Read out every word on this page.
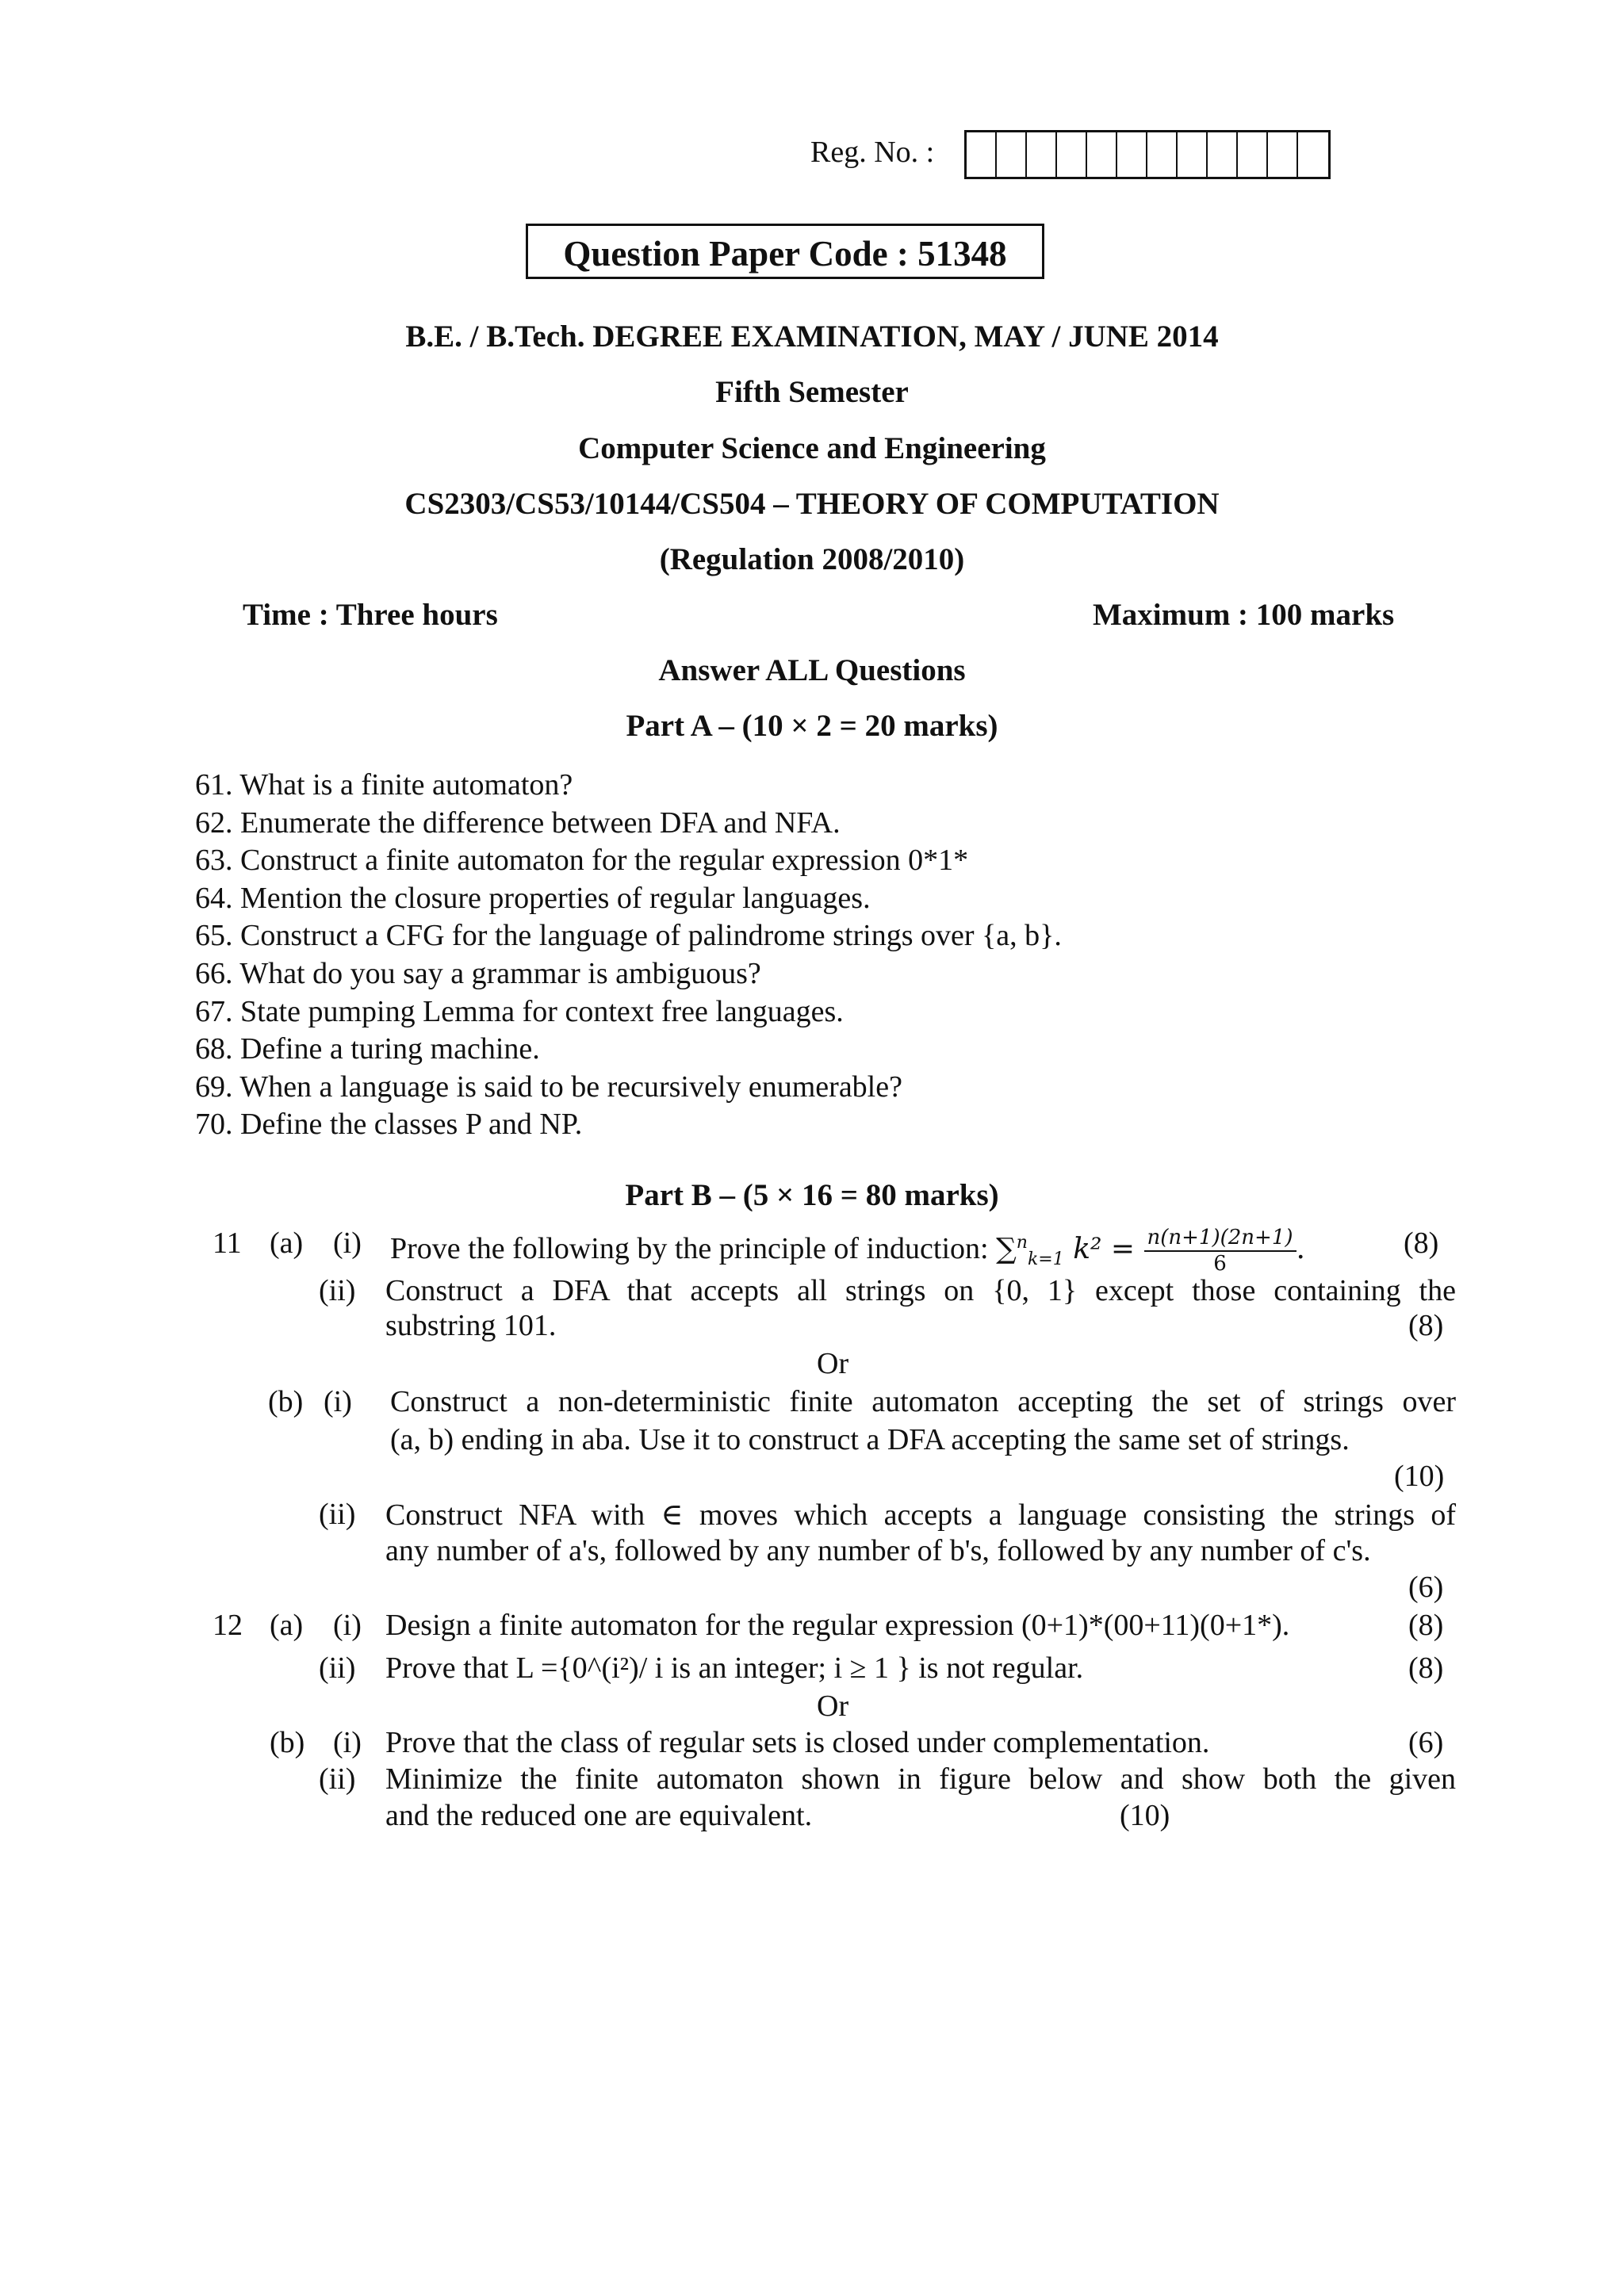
Reg. No. :
Question Paper Code : 51348
B.E. / B.Tech. DEGREE EXAMINATION, MAY / JUNE 2014
Fifth Semester
Computer Science and Engineering
CS2303/CS53/10144/CS504 – THEORY OF COMPUTATION
(Regulation 2008/2010)
Time : Three hours	Maximum : 100 marks
Answer ALL Questions
Part A – (10 × 2 = 20 marks)
61. What is a finite automaton?
62. Enumerate the difference between DFA and NFA.
63. Construct a finite automaton for the regular expression 0*1*
64. Mention the closure properties of regular languages.
65. Construct a CFG for the language of palindrome strings over {a, b}.
66. What do you say a grammar is ambiguous?
67. State pumping Lemma for context free languages.
68. Define a turing machine.
69. When a language is said to be recursively enumerable?
70. Define the classes P and NP.
Part B – (5 × 16 = 80 marks)
11 (a) (i) Prove the following by the principle of induction: ∑$^n_{k=1}$ $k^2 = \frac{n(n+1)(2n+1)}{6}$ .	(8)
(ii) Construct a DFA that accepts all strings on {0, 1} except those containing the
substring 101.	(8)
Or
(b) (i) Construct a non-deterministic finite automaton accepting the set of strings over
(a, b) ending in aba. Use it to construct a DFA accepting the same set of strings.
(10)
(ii) Construct NFA with ∈ moves which accepts a language consisting the strings of
any number of a's, followed by any number of b's, followed by any number of c's.
(6)
12 (a) (i) Design a finite automaton for the regular expression (0+1)*(00+11)(0+1*).	(8)
(ii) Prove that L ={0^(i²)/ i is an integer; i ≥ 1 } is not regular.	(8)
Or
(b) (i) Prove that the class of regular sets is closed under complementation.	(6)
(ii) Minimize the finite automaton shown in figure below and show both the given
and the reduced one are equivalent.	(10)
